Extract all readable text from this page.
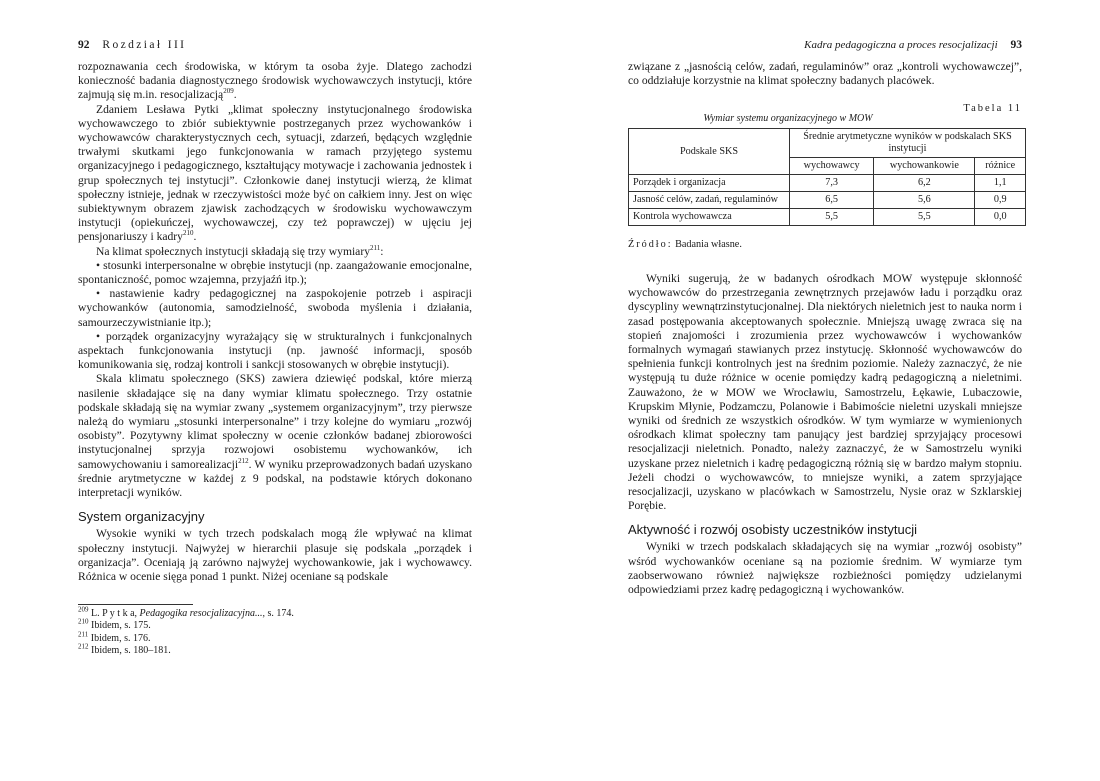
92 Rozdział III

rozpoznawania cech środowiska, w którym ta osoba żyje. Dlatego zachodzi konieczność badania diagnostycznego środowisk wychowawczych instytucji, które zajmują się m.in. resocjalizacją$^{209}$.

Zdaniem Lesława Pytki „klimat społeczny instytucjonalnego środowiska wychowawczego to zbiór subiektywnie postrzeganych przez wychowanków i wychowawców charakterystycznych cech, sytuacji, zdarzeń, będących względnie trwałymi skutkami jego funkcjonowania w ramach przyjętego systemu organizacyjnego i pedagogicznego, kształtujący motywacje i zachowania jednostek i grup społecznych tej instytucji”. Członkowie danej instytucji wierzą, że klimat społeczny istnieje, jednak w rzeczywistości może być on całkiem inny. Jest on więc subiektywnym obrazem zjawisk zachodzących w środowisku wychowawczym instytucji (opiekuńczej, wychowawczej, czy też poprawczej) w ujęciu jej pensjonariuszy i kadry$^{210}$.

Na klimat społecznych instytucji składają się trzy wymiary$^{211}$:

• stosunki interpersonalne w obrębie instytucji (np. zaangażowanie emocjonalne, spontaniczność, pomoc wzajemna, przyjaźń itp.);

• nastawienie kadry pedagogicznej na zaspokojenie potrzeb i aspiracji wychowanków (autonomia, samodzielność, swoboda myślenia i działania, samourzeczywistnianie itp.);

• porządek organizacyjny wyrażający się w strukturalnych i funkcjonalnych aspektach funkcjonowania instytucji (np. jawność informacji, sposób komunikowania się, rodzaj kontroli i sankcji stosowanych w obrębie instytucji).

Skala klimatu społecznego (SKS) zawiera dziewięć podskal, które mierzą nasilenie składające się na dany wymiar klimatu społecznego. Trzy ostatnie podskale składają się na wymiar zwany „systemem organizacyjnym”, trzy pierwsze należą do wymiaru „stosunki interpersonalne” i trzy kolejne do wymiaru „rozwój osobisty”. Pozytywny klimat społeczny w ocenie członków badanej zbiorowości instytucjonalnej sprzyja rozwojowi osobistemu wychowanków, ich samowychowaniu i samorealizacji$^{212}$. W wyniku przeprowadzonych badań uzyskano średnie arytmetyczne w każdej z 9 podskal, na podstawie których dokonano interpretacji wyników.

System organizacyjny

Wysokie wyniki w tych trzech podskalach mogą źle wpływać na klimat społeczny instytucji. Najwyżej w hierarchii plasuje się podskala „porządek i organizacja”. Oceniają ją zarówno najwyżej wychowankowie, jak i wychowawcy. Różnica w ocenie sięga ponad 1 punkt. Niżej oceniane są podskale

$^{209}$ L. P y t k a, Pedagogika resocjalizacyjna..., s. 174.
$^{210}$ Ibidem, s. 175.
$^{211}$ Ibidem, s. 176.
$^{212}$ Ibidem, s. 180–181.
Kadra pedagogiczna a proces resocjalizacji 93
związane z „jasnością celów, zadań, regulaminów” oraz „kontroli wychowawczej”, co oddziałuje korzystnie na klimat społeczny badanych placówek.
Tabela 11
Wymiar systemu organizacyjnego w MOW
Podskale SKS	Średnie arytmetyczne wyników w podskalach SKS instytucji		
	wychowawcy	wychowankowie	różnice
Porządek i organizacja	7,3	6,2	1,1
Jasność celów, zadań, regulaminów	6,5	5,6	0,9
Kontrola wychowawcza	5,5	5,5	0,0
Źródło: Badania własne.

Wyniki sugerują, że w badanych ośrodkach MOW występuje skłonność wychowawców do przestrzegania zewnętrznych przejawów ładu i porządku oraz dyscypliny wewnątrzinstytucjonalnej. Dla niektórych nieletnich jest to nauka norm i zasad postępowania akceptowanych społecznie. Mniejszą uwagę zwraca się na stopień znajomości i zrozumienia przez wychowawców i wychowanków formalnych wymagań stawianych przez instytucję. Skłonność wychowawców do spełnienia funkcji kontrolnych jest na średnim poziomie. Należy zaznaczyć, że nie występują tu duże różnice w ocenie pomiędzy kadrą pedagogiczną a nieletnimi. Zauważono, że w MOW we Wrocławiu, Samostrzelu, Łękawie, Lubaczowie, Krupskim Młynie, Podzamczu, Polanowie i Babimoście nieletni uzyskali mniejsze wyniki od średnich ze wszystkich ośrodków. W tym wymiarze w wymienionych ośrodkach klimat społeczny tam panujący jest bardziej sprzyjający procesowi resocjalizacji nieletnich. Ponadto, należy zaznaczyć, że w Samostrzelu wyniki uzyskane przez nieletnich i kadrę pedagogiczną różnią się w bardzo małym stopniu. Jeżeli chodzi o wychowawców, to mniejsze wyniki, a zatem sprzyjające resocjalizacji, uzyskano w placówkach w Samostrzelu, Nysie oraz w Szklarskiej Porębie.

Aktywność i rozwój osobisty uczestników instytucji

Wyniki w trzech podskalach składających się na wymiar „rozwój osobisty” wśród wychowanków oceniane są na poziomie średnim. W wymiarze tym zaobserwowano również największe rozbieżności pomiędzy udzielanymi odpowiedziami przez kadrę pedagogiczną i wychowanków.
